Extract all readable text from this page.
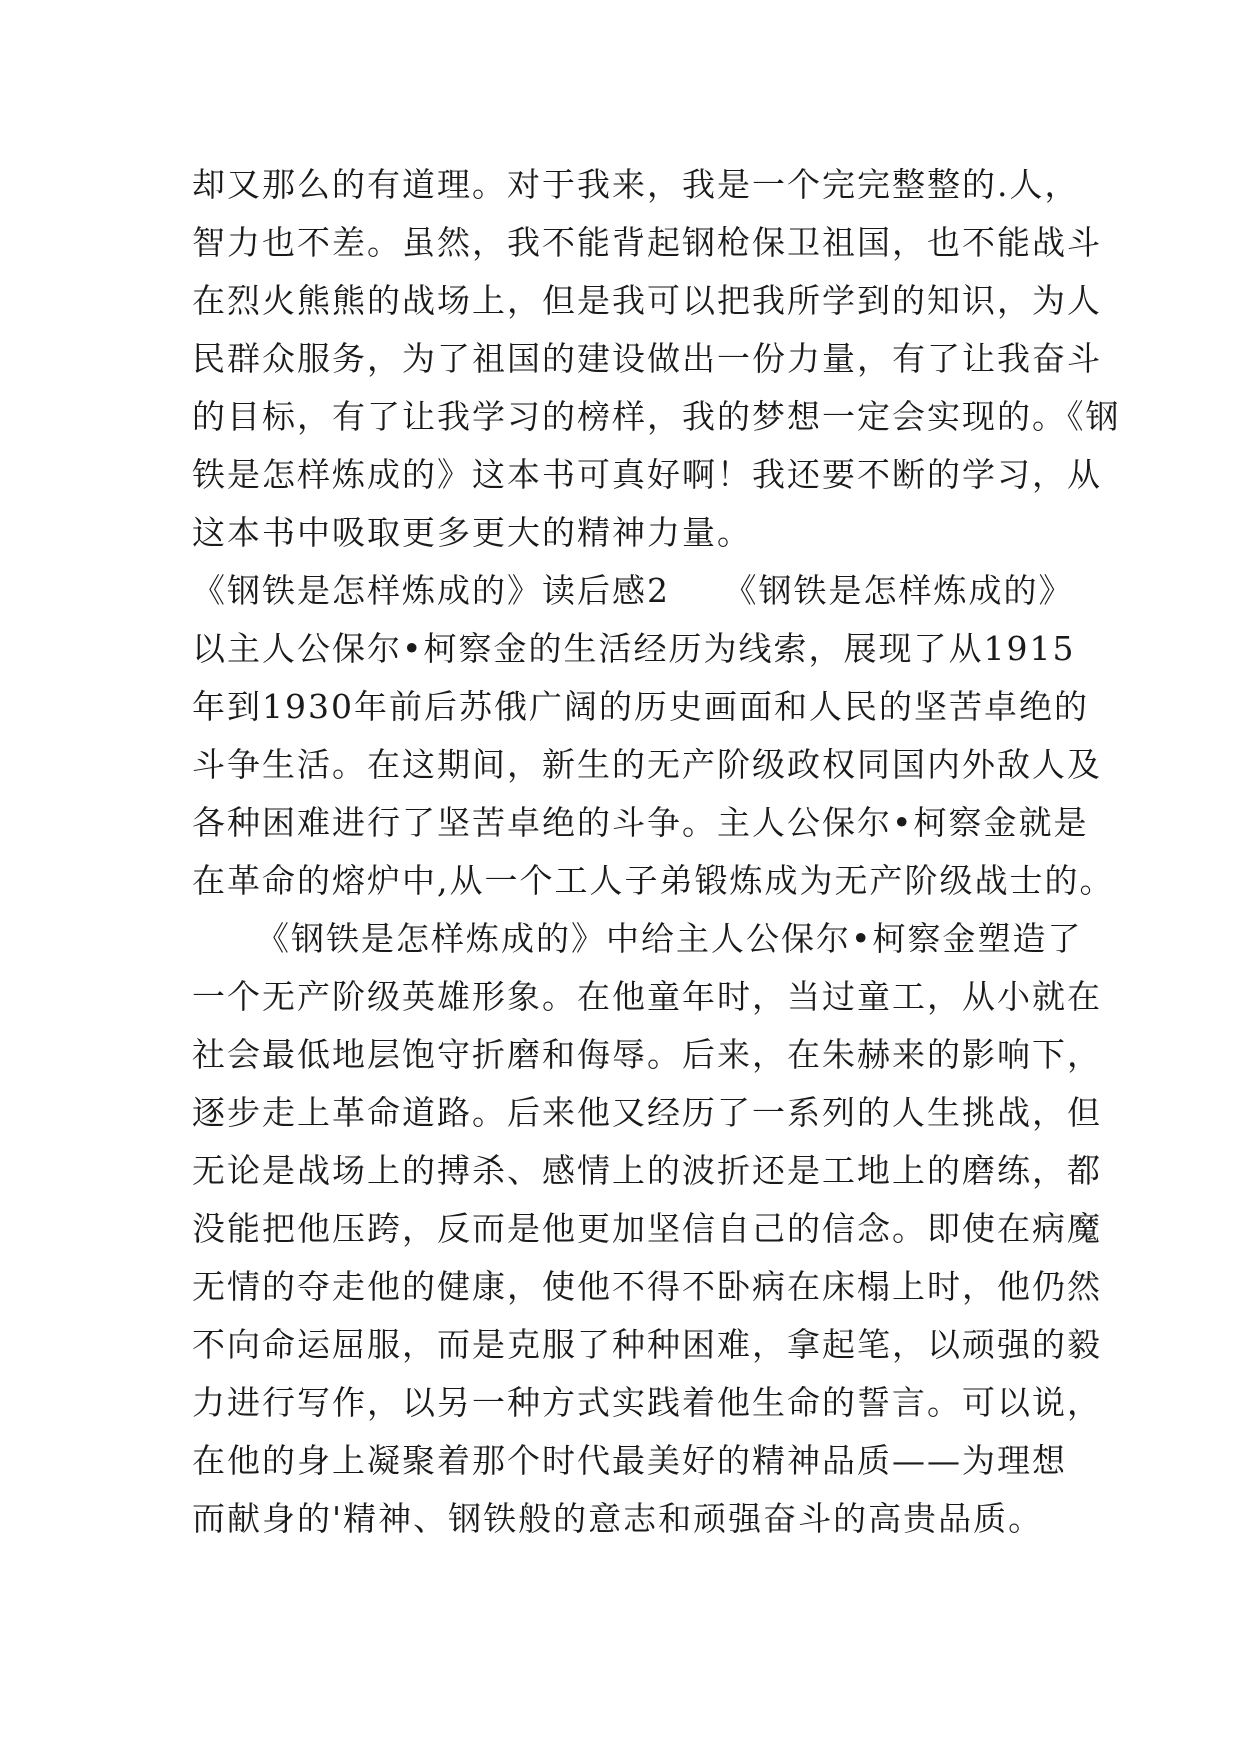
却又那么的有道理。对于我来，我是一个完完整整的.人，
智力也不差。虽然，我不能背起钢枪保卫祖国，也不能战斗
在烈火熊熊的战场上，但是我可以把我所学到的知识，为人
民群众服务，为了祖国的建设做出一份力量，有了让我奋斗
的目标，有了让我学习的榜样，我的梦想一定会实现的。《钢
铁是怎样炼成的》这本书可真好啊！我还要不断的学习，从
这本书中吸取更多更大的精神力量。
《钢铁是怎样炼成的》读后感2　　《钢铁是怎样炼成的》
以主人公保尔•柯察金的生活经历为线索，展现了从1915
年到1930年前后苏俄广阔的历史画面和人民的坚苦卓绝的
斗争生活。在这期间，新生的无产阶级政权同国内外敌人及
各种困难进行了坚苦卓绝的斗争。主人公保尔•柯察金就是
在革命的熔炉中,从一个工人子弟锻炼成为无产阶级战士的。
《钢铁是怎样炼成的》中给主人公保尔•柯察金塑造了
一个无产阶级英雄形象。在他童年时，当过童工，从小就在
社会最低地层饱守折磨和侮辱。后来，在朱赫来的影响下，
逐步走上革命道路。后来他又经历了一系列的人生挑战，但
无论是战场上的搏杀、感情上的波折还是工地上的磨练，都
没能把他压跨，反而是他更加坚信自己的信念。即使在病魔
无情的夺走他的健康，使他不得不卧病在床榻上时，他仍然
不向命运屈服，而是克服了种种困难，拿起笔，以顽强的毅
力进行写作，以另一种方式实践着他生命的誓言。可以说，
在他的身上凝聚着那个时代最美好的精神品质——为理想
而献身的'精神、钢铁般的意志和顽强奋斗的高贵品质。
